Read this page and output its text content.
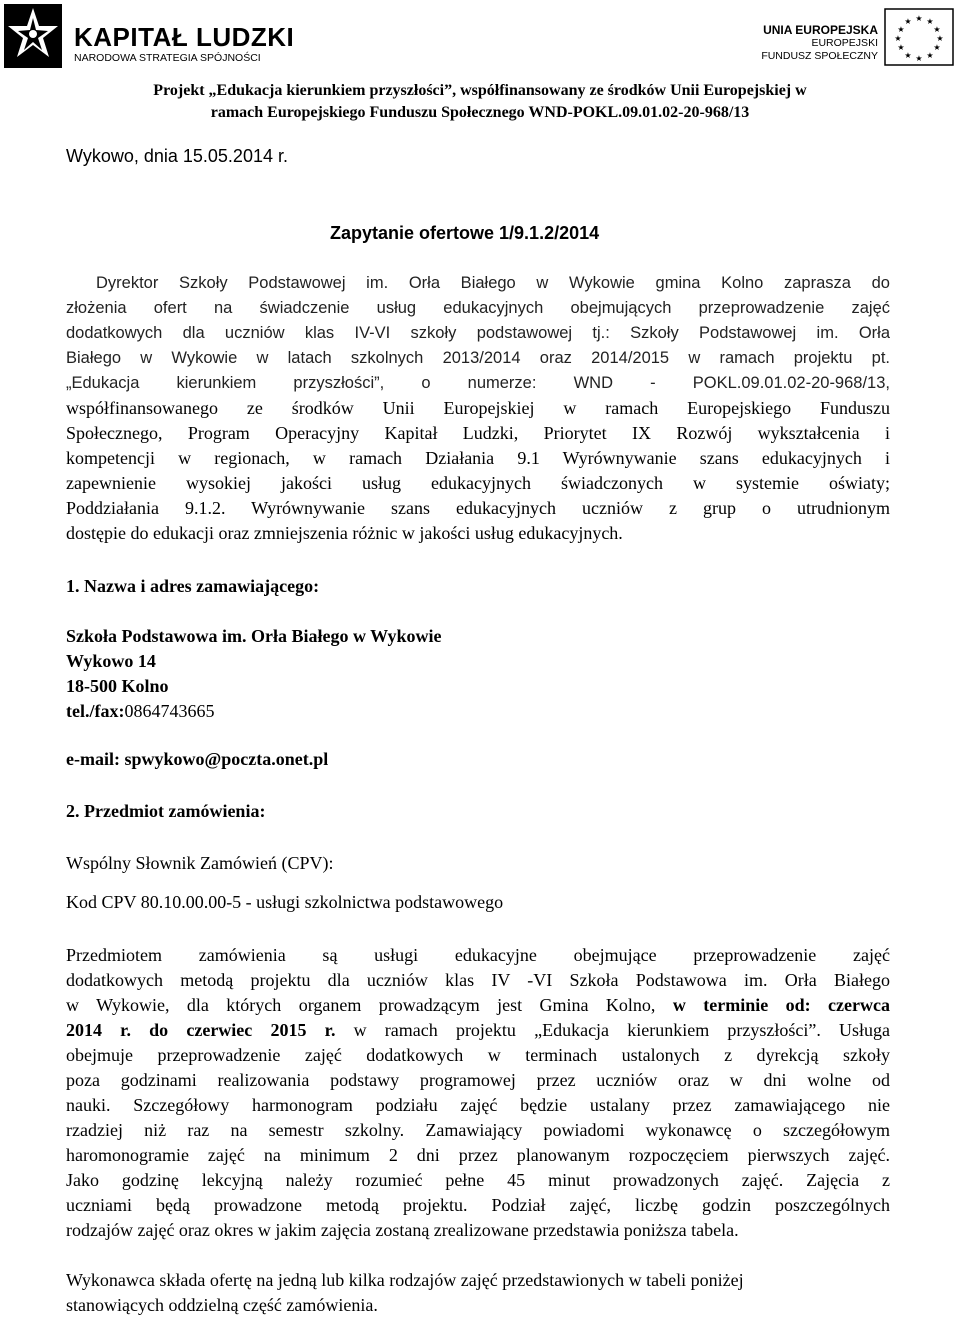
KAPITAŁ LUDZKI
NARODOWA STRATEGIA SPÓJNOŚCI
UNIA EUROPEJSKA
EUROPEJSKI
FUNDUSZ SPOŁECZNY
★ ★
★
★
★
★
★
★
★
★
★
★
Projekt „Edukacja kierunkiem przyszłości”, współfinansowany ze środków Unii Europejskiej w
ramach Europejskiego Funduszu Społecznego WND-POKL.09.01.02-20-968/13
Wykowo, dnia 15.05.2014 r.
Zapytanie ofertowe 1/9.1.2/2014
Dyrektor Szkoły Podstawowej im. Orła Białego w Wykowie gmina Kolno zaprasza do
złożenia ofert na świadczenie usług edukacyjnych obejmujących przeprowadzenie zajęć
dodatkowych dla uczniów klas IV-VI szkoły podstawowej tj.: Szkoły Podstawowej im. Orła
Białego w Wykowie w latach szkolnych 2013/2014 oraz 2014/2015 w ramach projektu pt.
„Edukacja kierunkiem przyszłości”, o numerze: WND - POKL.09.01.02-20-968/13,
współfinansowanego ze środków Unii Europejskiej w ramach Europejskiego Funduszu
Społecznego, Program Operacyjny Kapitał Ludzki, Priorytet IX Rozwój wykształcenia i
kompetencji w regionach, w ramach Działania 9.1 Wyrównywanie szans edukacyjnych i
zapewnienie wysokiej jakości usług edukacyjnych świadczonych w systemie oświaty;
Poddziałania 9.1.2. Wyrównywanie szans edukacyjnych uczniów z grup o utrudnionym
dostępie do edukacji oraz zmniejszenia różnic w jakości usług edukacyjnych.
1. Nazwa i adres zamawiającego:
Szkoła Podstawowa im. Orła Białego w Wykowie
Wykowo 14
18-500 Kolno
tel./fax:0864743665
e-mail: spwykowo@poczta.onet.pl
2. Przedmiot zamówienia:
Wspólny Słownik Zamówień (CPV):
Kod CPV 80.10.00.00-5 - usługi szkolnictwa podstawowego
Przedmiotem zamówienia są usługi edukacyjne obejmujące przeprowadzenie zajęć
dodatkowych metodą projektu dla uczniów klas IV -VI Szkoła Podstawowa im. Orła Białego
w Wykowie, dla których organem prowadzącym jest Gmina Kolno, w terminie od: czerwca
2014 r. do czerwiec 2015 r. w ramach projektu „Edukacja kierunkiem przyszłości”. Usługa
obejmuje przeprowadzenie zajęć dodatkowych w terminach ustalonych z dyrekcją szkoły
poza godzinami realizowania podstawy programowej przez uczniów oraz w dni wolne od
nauki. Szczegółowy harmonogram podziału zajęć będzie ustalany przez zamawiającego nie
rzadziej niż raz na semestr szkolny. Zamawiający powiadomi wykonawcę o szczegółowym
haromonogramie zajęć na minimum 2 dni przez planowanym rozpoczęciem pierwszych zajęć.
Jako godzinę lekcyjną należy rozumieć pełne 45 minut prowadzonych zajęć. Zajęcia z
uczniami będą prowadzone metodą projektu. Podział zajęć, liczbę godzin poszczególnych
rodzajów zajęć oraz okres w jakim zajęcia zostaną zrealizowane przedstawia poniższa tabela.
Wykonawca składa ofertę na jedną lub kilka rodzajów zajęć przedstawionych w tabeli poniżej
stanowiących oddzielną część zamówienia.
